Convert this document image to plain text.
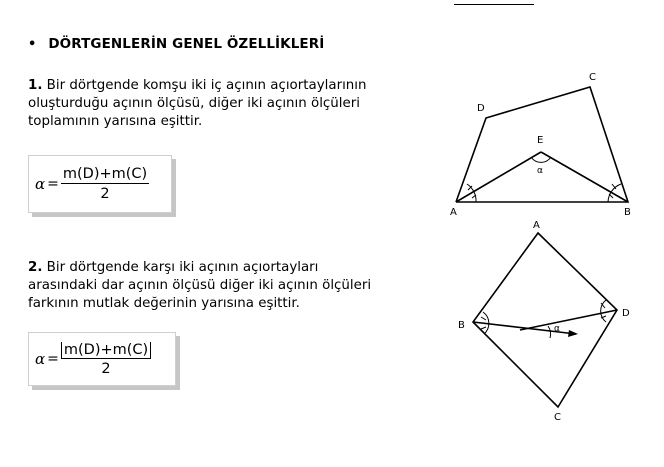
• DÖRTGENLERİN GENEL ÖZELLİKLERİ
1. Bir dörtgende komşu iki iç açının açıortaylarının
oluşturduğu açının ölçüsü, diğer iki açının ölçüleri
toplamının yarısına eşittir.
$\alpha = \frac{m(D)+m(C)}{2}$
2. Bir dörtgende karşı iki açının açıortayları
arasındaki dar açının ölçüsü diğer iki açının ölçüleri
farkının mutlak değerinin yarısına eşittir.
$\alpha = \frac{m(D)+m(C)}{2}$
A	B
C
D
E
α
A
B
C
D
α
